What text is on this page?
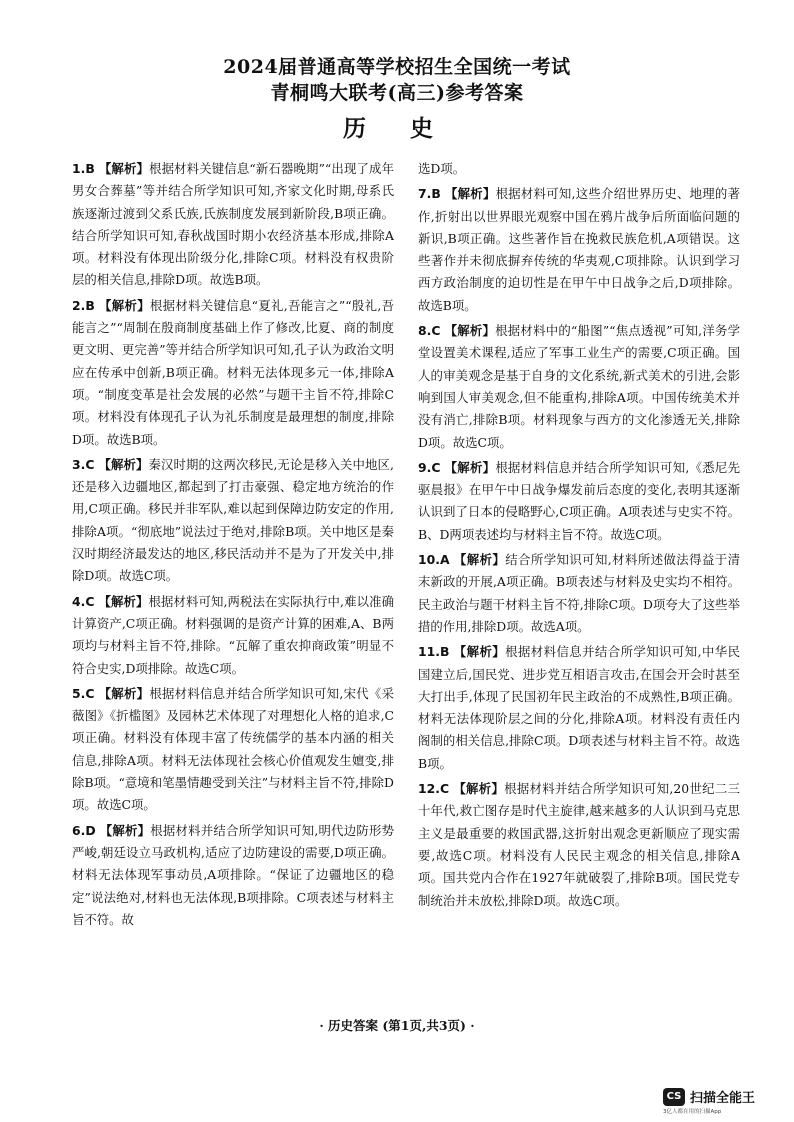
2024届普通高等学校招生全国统一考试
青桐鸣大联考(高三)参考答案
历 史
1.B 【解析】根据材料关键信息“新石器晚期”“出现了成年男女合葬墓”等并结合所学知识可知,齐家文化时期,母系氏族逐渐过渡到父系氏族,氏族制度发展到新阶段,B项正确。结合所学知识可知,春秋战国时期小农经济基本形成,排除A项。材料没有体现出阶级分化,排除C项。材料没有权贵阶层的相关信息,排除D项。故选B项。
2.B 【解析】根据材料关键信息“夏礼,吾能言之”“殷礼,吾能言之”“周制在殷商制度基础上作了修改,比夏、商的制度更文明、更完善”等并结合所学知识可知,孔子认为政治文明应在传承中创新,B项正确。材料无法体现多元一体,排除A项。“制度变革是社会发展的必然”与题干主旨不符,排除C项。材料没有体现孔子认为礼乐制度是最理想的制度,排除D项。故选B项。
3.C 【解析】秦汉时期的这两次移民,无论是移入关中地区,还是移入边疆地区,都起到了打击豪强、稳定地方统治的作用,C项正确。移民并非军队,难以起到保障边防安定的作用,排除A项。“彻底地”说法过于绝对,排除B项。关中地区是秦汉时期经济最发达的地区,移民活动并不是为了开发关中,排除D项。故选C项。
4.C 【解析】根据材料可知,两税法在实际执行中,难以准确计算资产,C项正确。材料强调的是资产计算的困难,A、B两项均与材料主旨不符,排除。“瓦解了重农抑商政策”明显不符合史实,D项排除。故选C项。
5.C 【解析】根据材料信息并结合所学知识可知,宋代《采薇图》《折槛图》及园林艺术体现了对理想化人格的追求,C项正确。材料没有体现丰富了传统儒学的基本内涵的相关信息,排除A项。材料无法体现社会核心价值观发生嬗变,排除B项。“意境和笔墨情趣受到关注”与材料主旨不符,排除D项。故选C项。
6.D 【解析】根据材料并结合所学知识可知,明代边防形势严峻,朝廷设立马政机构,适应了边防建设的需要,D项正确。材料无法体现军事动员,A项排除。“保证了边疆地区的稳定”说法绝对,材料也无法体现,B项排除。C项表述与材料主旨不符。故
选D项。
7.B 【解析】根据材料可知,这些介绍世界历史、地理的著作,折射出以世界眼光观察中国在鸦片战争后所面临问题的新识,B项正确。这些著作旨在挽救民族危机,A项错误。这些著作并未彻底摒弃传统的华夷观,C项排除。认识到学习西方政治制度的迫切性是在甲午中日战争之后,D项排除。故选B项。
8.C 【解析】根据材料中的“船图”“焦点透视”可知,洋务学堂设置美术课程,适应了军事工业生产的需要,C项正确。国人的审美观念是基于自身的文化系统,新式美术的引进,会影响到国人审美观念,但不能重构,排除A项。中国传统美术并没有消亡,排除B项。材料现象与西方的文化渗透无关,排除D项。故选C项。
9.C 【解析】根据材料信息并结合所学知识可知,《悉尼先驱晨报》在甲午中日战争爆发前后态度的变化,表明其逐渐认识到了日本的侵略野心,C项正确。A项表述与史实不符。B、D两项表述均与材料主旨不符。故选C项。
10.A 【解析】结合所学知识可知,材料所述做法得益于清末新政的开展,A项正确。B项表述与材料及史实均不相符。民主政治与题干材料主旨不符,排除C项。D项夸大了这些举措的作用,排除D项。故选A项。
11.B 【解析】根据材料信息并结合所学知识可知,中华民国建立后,国民党、进步党互相语言攻击,在国会开会时甚至大打出手,体现了民国初年民主政治的不成熟性,B项正确。材料无法体现阶层之间的分化,排除A项。材料没有责任内阁制的相关信息,排除C项。D项表述与材料主旨不符。故选B项。
12.C 【解析】根据材料并结合所学知识可知,20世纪二三十年代,救亡图存是时代主旋律,越来越多的人认识到马克思主义是最重要的救国武器,这折射出观念更新顺应了现实需要,故选C项。材料没有人民民主观念的相关信息,排除A项。国共党内合作在1927年就破裂了,排除B项。国民党专制统治并未放松,排除D项。故选C项。
· 历史答案 (第1页,共3页) ·
CS 扫描全能王
3亿人都在用的扫描App
